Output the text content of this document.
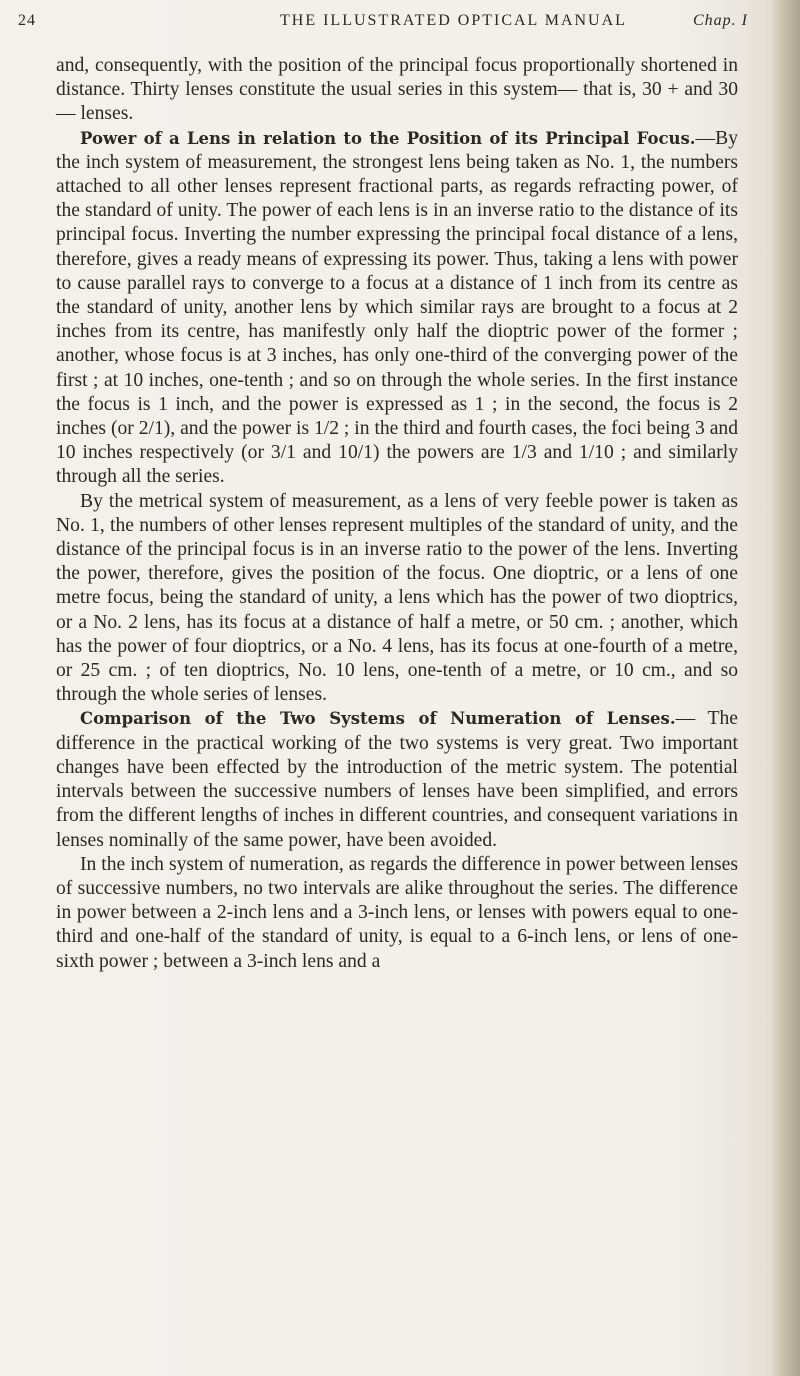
24	THE ILLUSTRATED OPTICAL MANUAL	Chap. I

and, consequently, with the position of the principal focus proportionally shortened in distance. Thirty lenses constitute the usual series in this system— that is, 30 + and 30 — lenses.

Power of a Lens in relation to the Position of its Principal Focus.—By the inch system of measurement, the strongest lens being taken as No. 1, the numbers attached to all other lenses represent fractional parts, as regards refracting power, of the standard of unity. The power of each lens is in an inverse ratio to the distance of its principal focus. Inverting the number expressing the principal focal distance of a lens, therefore, gives a ready means of expressing its power. Thus, taking a lens with power to cause parallel rays to converge to a focus at a distance of 1 inch from its centre as the standard of unity, another lens by which similar rays are brought to a focus at 2 inches from its centre, has manifestly only half the dioptric power of the former ; another, whose focus is at 3 inches, has only one-third of the converging power of the first ; at 10 inches, one-tenth ; and so on through the whole series. In the first instance the focus is 1 inch, and the power is expressed as 1 ; in the second, the focus is 2 inches (or 2/1), and the power is 1/2 ; in the third and fourth cases, the foci being 3 and 10 inches respectively (or 3/1 and 10/1) the powers are 1/3 and 1/10 ; and similarly through all the series.

By the metrical system of measurement, as a lens of very feeble power is taken as No. 1, the numbers of other lenses represent multiples of the standard of unity, and the distance of the principal focus is in an inverse ratio to the power of the lens. Inverting the power, therefore, gives the position of the focus. One dioptric, or a lens of one metre focus, being the standard of unity, a lens which has the power of two dioptrics, or a No. 2 lens, has its focus at a distance of half a metre, or 50 cm. ; another, which has the power of four dioptrics, or a No. 4 lens, has its focus at one-fourth of a metre, or 25 cm. ; of ten dioptrics, No. 10 lens, one-tenth of a metre, or 10 cm., and so through the whole series of lenses.

Comparison of the Two Systems of Numeration of Lenses.— The difference in the practical working of the two systems is very great. Two important changes have been effected by the introduction of the metric system. The potential intervals between the successive numbers of lenses have been simplified, and errors from the different lengths of inches in different countries, and consequent variations in lenses nominally of the same power, have been avoided.

In the inch system of numeration, as regards the difference in power between lenses of successive numbers, no two intervals are alike throughout the series. The difference in power between a 2-inch lens and a 3-inch lens, or lenses with powers equal to one-third and one-half of the standard of unity, is equal to a 6-inch lens, or lens of one-sixth power ; between a 3-inch lens and a
